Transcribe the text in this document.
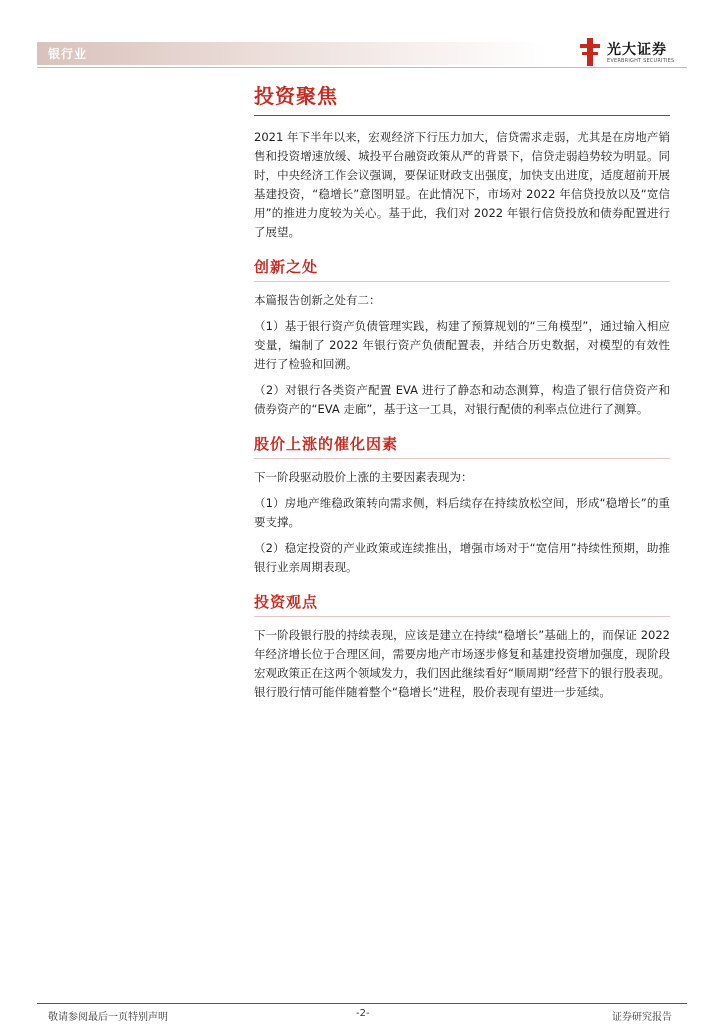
银行业	光大证券
EVERBRIGHT SECURITIES
投资聚焦

2021 年下半年以来，宏观经济下行压力加大，信贷需求走弱，尤其是在房地产销售和投资增速放缓、城投平台融资政策从严的背景下，信贷走弱趋势较为明显。同时，中央经济工作会议强调，要保证财政支出强度，加快支出进度，适度超前开展基建投资，“稳增长”意图明显。在此情况下，市场对 2022 年信贷投放以及“宽信用”的推进力度较为关心。基于此，我们对 2022 年银行信贷投放和债券配置进行了展望。

创新之处

本篇报告创新之处有二：

（1）基于银行资产负债管理实践，构建了预算规划的“三角模型”，通过输入相应变量，编制了 2022 年银行资产负债配置表，并结合历史数据，对模型的有效性进行了检验和回溯。

（2）对银行各类资产配置 EVA 进行了静态和动态测算，构造了银行信贷资产和债券资产的“EVA 走廊”，基于这一工具，对银行配债的利率点位进行了测算。

股价上涨的催化因素

下一阶段驱动股价上涨的主要因素表现为：

（1）房地产维稳政策转向需求侧，料后续存在持续放松空间，形成“稳增长”的重要支撑。

（2）稳定投资的产业政策或连续推出，增强市场对于“宽信用”持续性预期，助推银行业亲周期表现。

投资观点

下一阶段银行股的持续表现，应该是建立在持续“稳增长”基础上的，而保证 2022 年经济增长位于合理区间，需要房地产市场逐步修复和基建投资增加强度，现阶段宏观政策正在这两个领域发力，我们因此继续看好“顺周期”经营下的银行股表现。银行股行情可能伴随着整个“稳增长”进程，股价表现有望进一步延续。

敬请参阅最后一页特别声明	-2-	证券研究报告
